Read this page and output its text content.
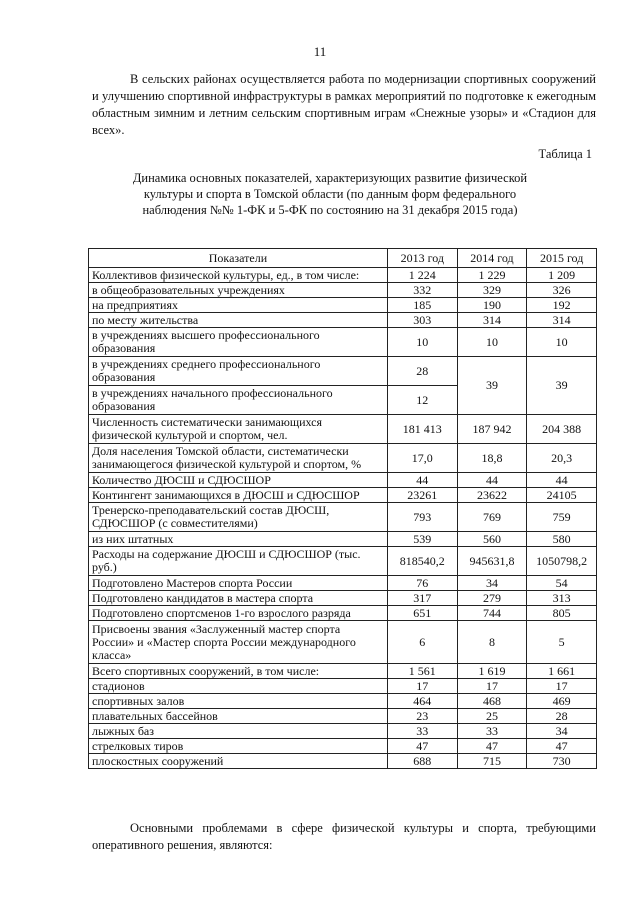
11

В сельских районах осуществляется работа по модернизации спортивных сооружений и улучшению спортивной инфраструктуры в рамках мероприятий по подготовке к ежегодным областным зимним и летним сельским спортивным играм «Снежные узоры» и «Стадион для всех».

Таблица 1

Динамика основных показателей, характеризующих развитие физической культуры и спорта в Томской области (по данным форм федерального наблюдения №№ 1-ФК и 5-ФК по состоянию на 31 декабря 2015 года)

Показатели	2013 год	2014 год	2015 год
Коллективов физической культуры, ед., в том числе:	1 224	1 229	1 209
в общеобразовательных учреждениях	332	329	326
на предприятиях	185	190	192
по месту жительства	303	314	314
в учреждениях высшего профессионального образования	10	10	10
в учреждениях среднего профессионального образования	28	39	39
в учреждениях начального профессионального образования	12		
Численность систематически занимающихся физической культурой и спортом, чел.	181 413	187 942	204 388
Доля населения Томской области, систематически занимающегося физической культурой и спортом, %	17,0	18,8	20,3
Количество ДЮСШ и СДЮСШОР	44	44	44
Контингент занимающихся в ДЮСШ и СДЮСШОР	23261	23622	24105
Тренерско-преподавательский состав ДЮСШ, СДЮСШОР (с совместителями)	793	769	759
из них штатных	539	560	580
Расходы на содержание ДЮСШ и СДЮСШОР (тыс. руб.)	818540,2	945631,8	1050798,2
Подготовлено Мастеров спорта России	76	34	54
Подготовлено кандидатов в мастера спорта	317	279	313
Подготовлено спортсменов 1-го взрослого разряда	651	744	805
Присвоены звания «Заслуженный мастер спорта России» и «Мастер спорта России международного класса»	6	8	5
Всего спортивных сооружений, в том числе:	1 561	1 619	1 661
стадионов	17	17	17
спортивных залов	464	468	469
плавательных бассейнов	23	25	28
лыжных баз	33	33	34
стрелковых тиров	47	47	47
плоскостных сооружений	688	715	730

Основными проблемами в сфере физической культуры и спорта, требующими оперативного решения, являются:
